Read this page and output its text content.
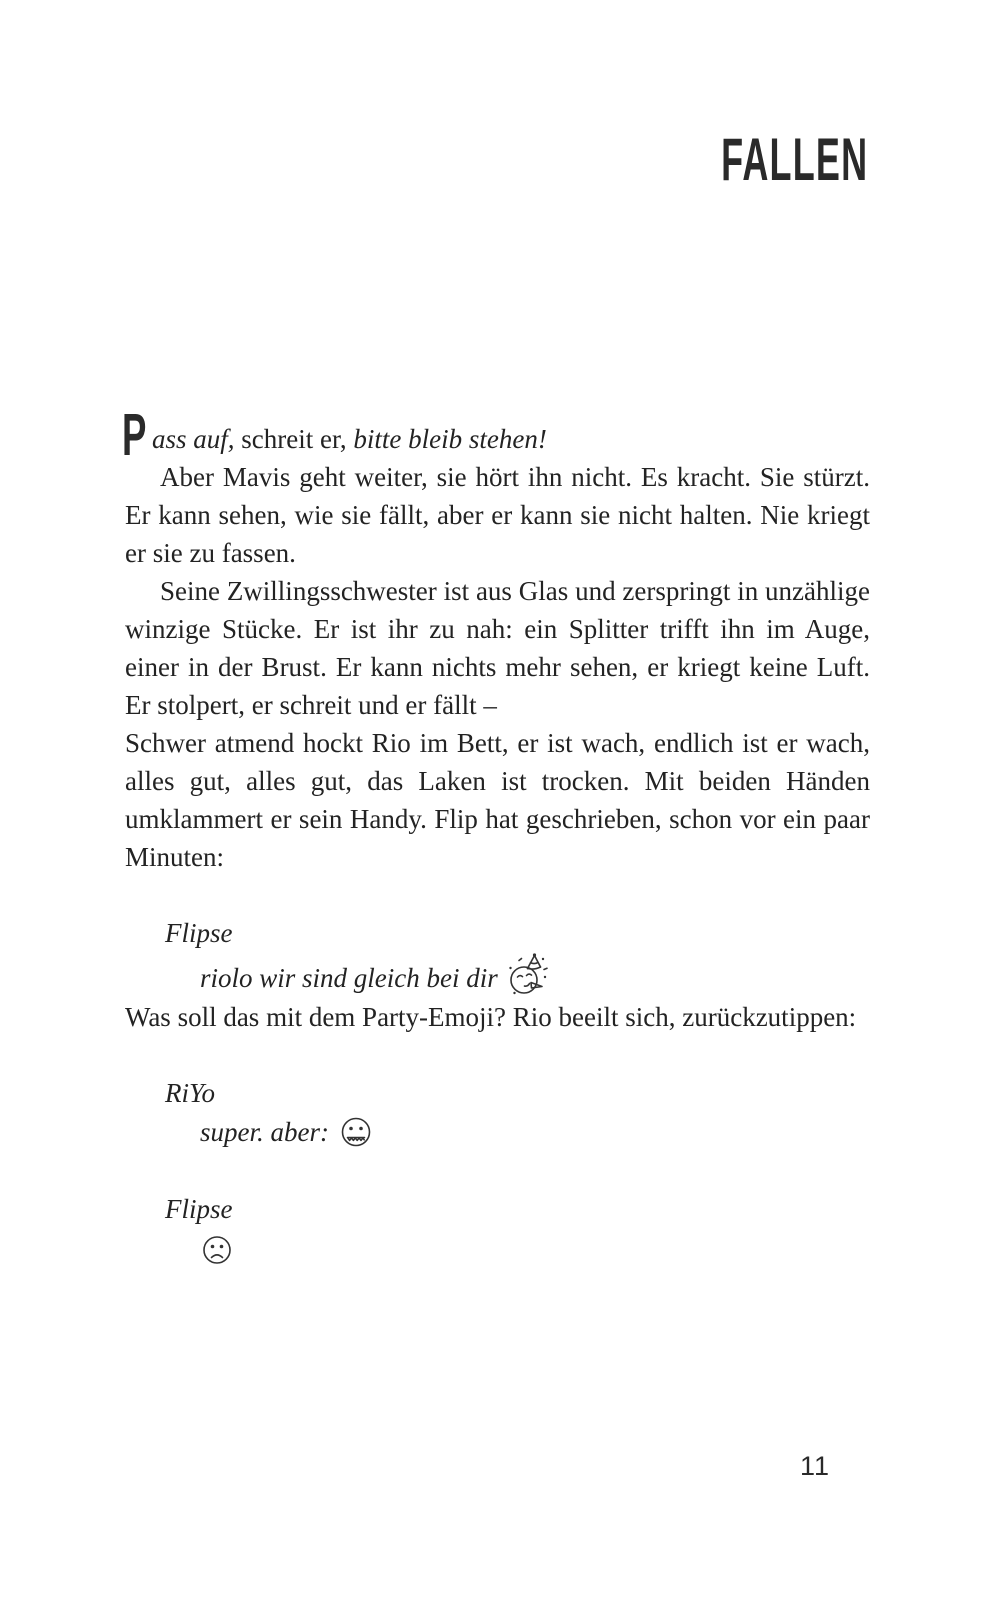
FALLEN

P ass auf, schreit er, bitte bleib stehen!

Aber Mavis geht weiter, sie hört ihn nicht. Es kracht. Sie stürzt. Er kann sehen, wie sie fällt, aber er kann sie nicht halten. Nie kriegt er sie zu fassen.

Seine Zwillingsschwester ist aus Glas und zerspringt in unzählige winzige Stücke. Er ist ihr zu nah: ein Splitter trifft ihn im Auge, einer in der Brust. Er kann nichts mehr sehen, er kriegt keine Luft. Er stolpert, er schreit und er fällt –

Schwer atmend hockt Rio im Bett, er ist wach, endlich ist er wach, alles gut, alles gut, das Laken ist trocken. Mit beiden Händen umklammert er sein Handy. Flip hat geschrieben, schon vor ein paar Minuten:

Flipse

riolo wir sind gleich bei dir

Was soll das mit dem Party-Emoji? Rio beeilt sich, zurückzutippen:

RiYo

super. aber:

Flipse

11
